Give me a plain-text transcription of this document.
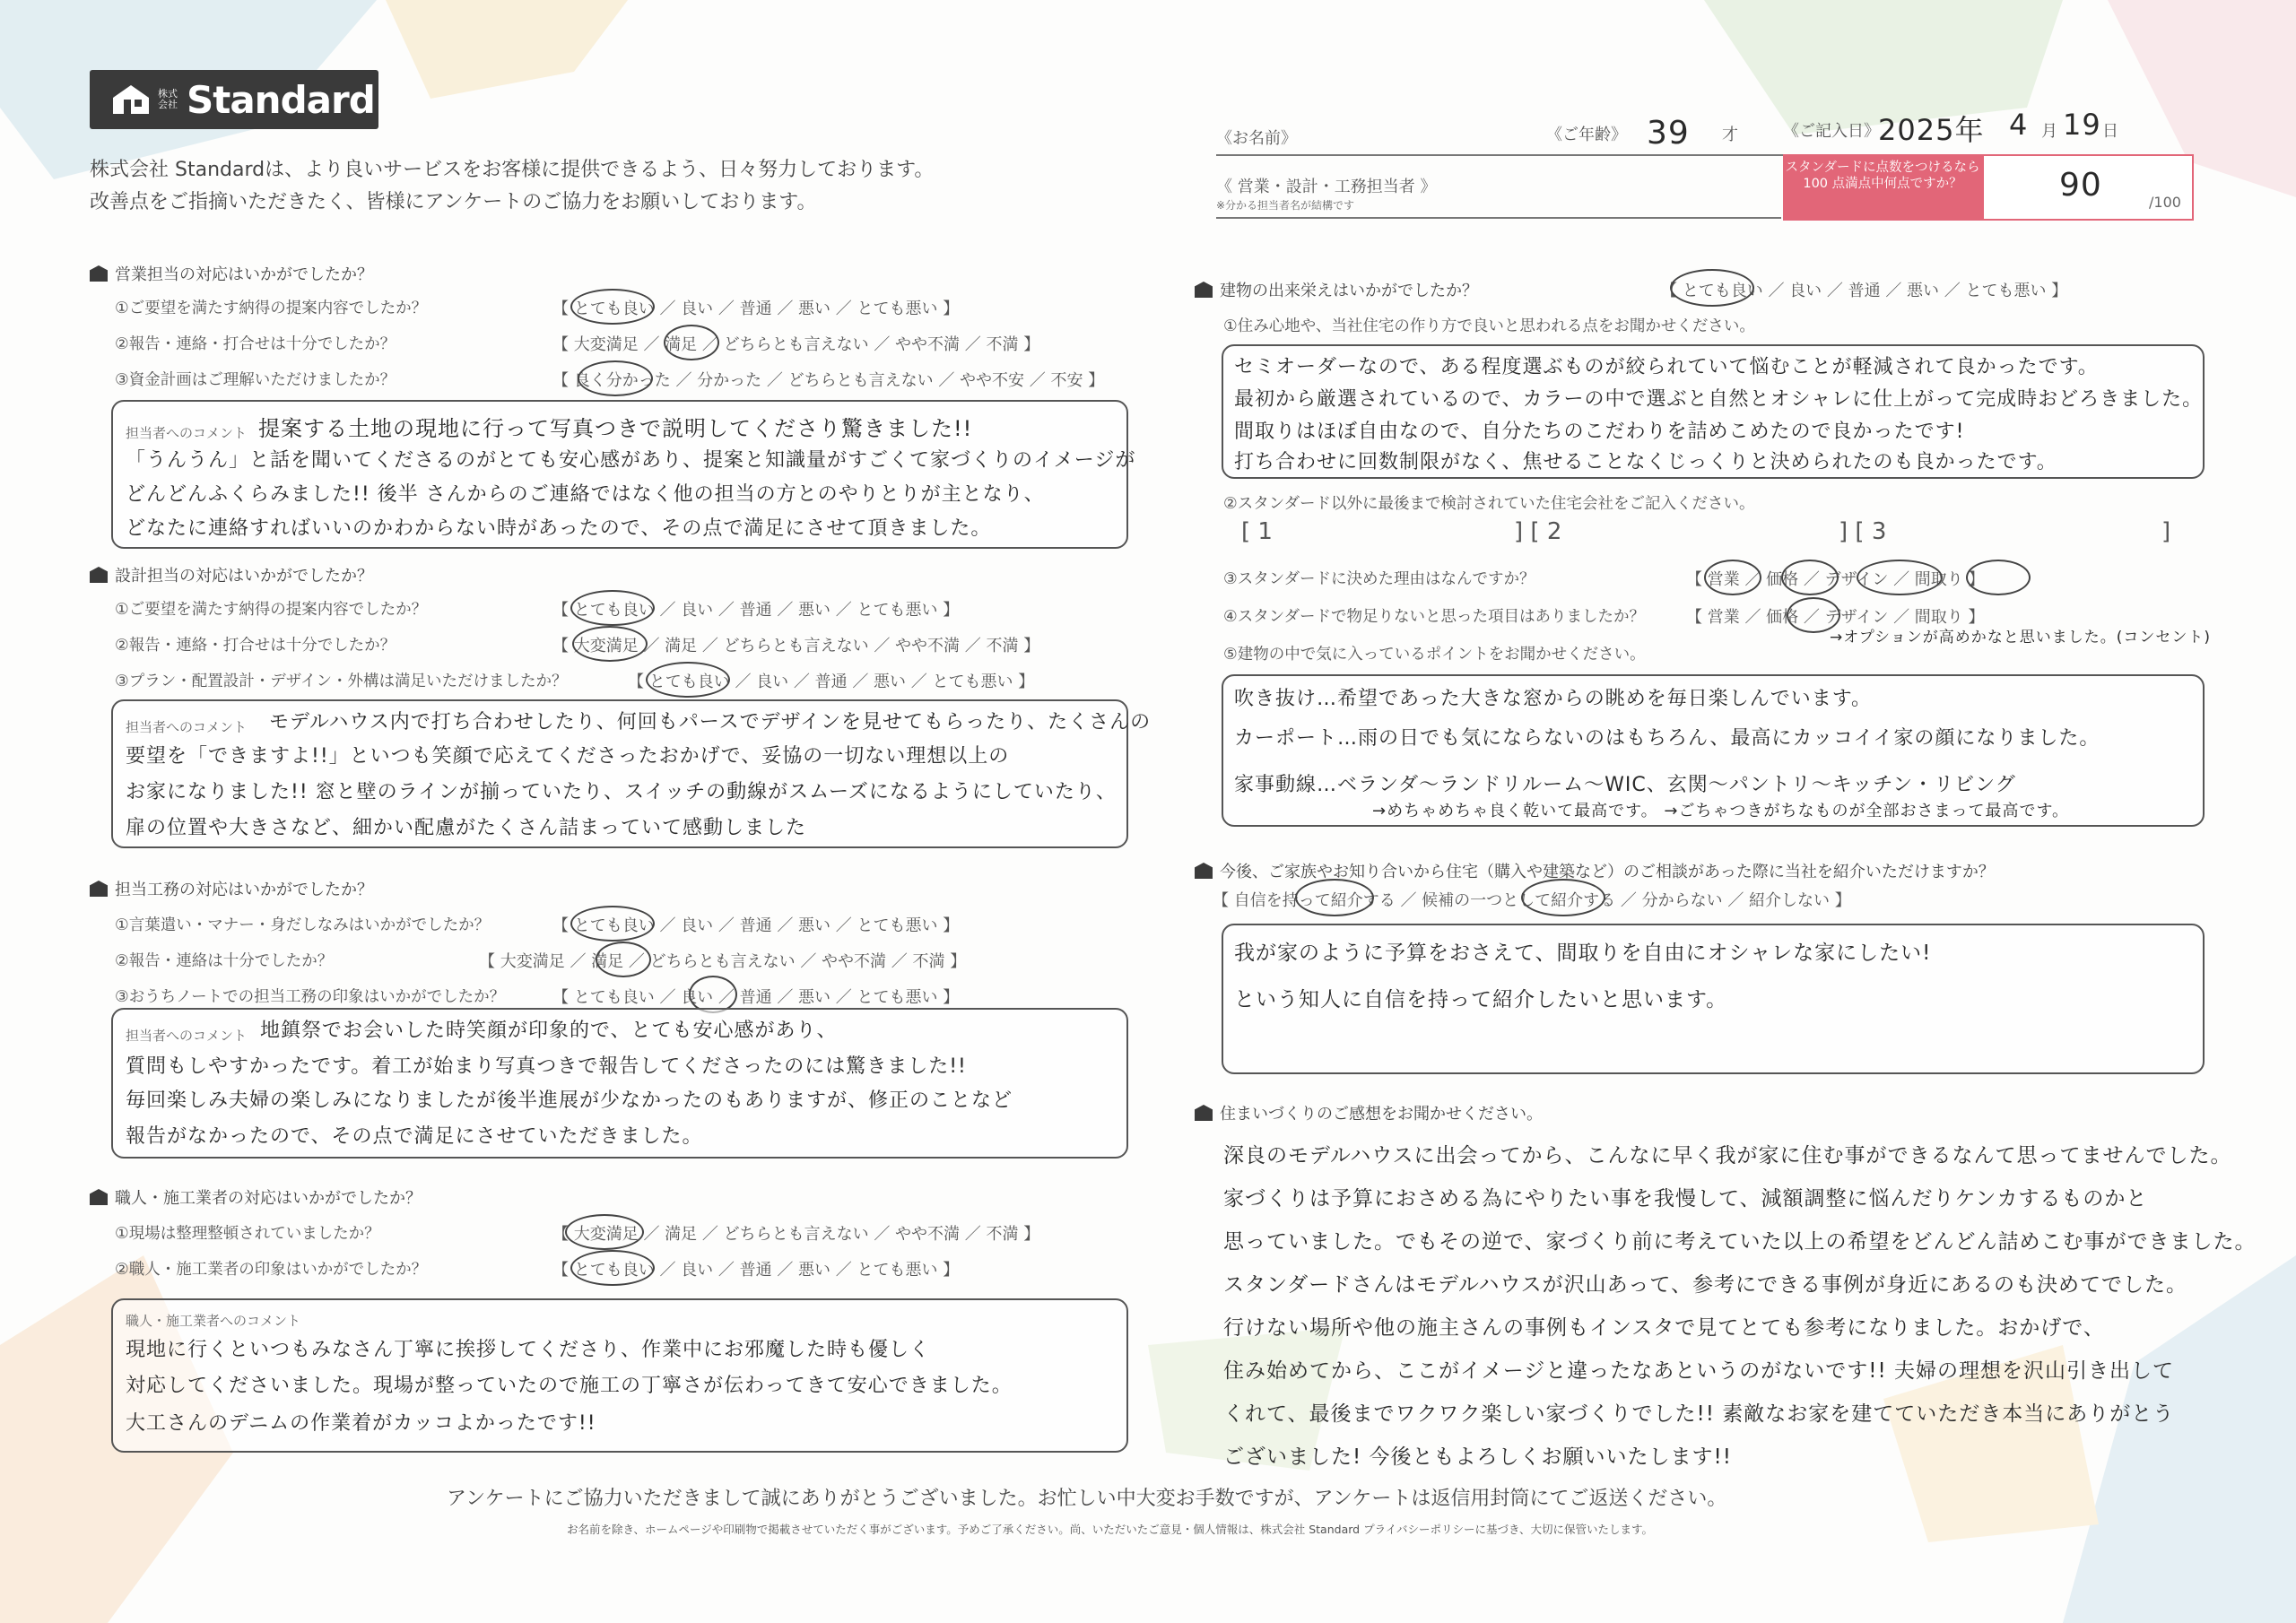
株式会社 Standard
株式会社 Standardは、より良いサービスをお客様に提供できるよう、日々努力しております。
改善点をご指摘いただきたく、皆様にアンケートのご協力をお願いしております。
《お名前》	《ご年齢》 39 才	《ご記入日》
2025年 4 月 19 日
《 営業・設計・工務担当者 》
※分かる担当者名が結構です
スタンダードに点数をつけるなら 100 点満点中何点ですか？	90	/100
営業担当の対応はいかがでしたか？
①ご要望を満たす納得の提案内容でしたか？	【 とても良い ／ 良い ／ 普通 ／ 悪い ／ とても悪い 】
②報告・連絡・打合せは十分でしたか？	【 大変満足 ／ 満足 ／ どちらとも言えない ／ やや不満 ／ 不満 】
③資金計画はご理解いただけましたか？	【 良く分かった ／ 分かった ／ どちらとも言えない ／ やや不安 ／ 不安 】
担当者へのコメント 提案する土地の現地に行って写真つきで説明してくださり驚きました!!
「うんうん」と話を聞いてくださるのがとても安心感があり、提案と知識量がすごくて家づくりのイメージが
どんどんふくらみました!! 後半 さんからのご連絡ではなく他の担当の方とのやりとりが主となり、
どなたに連絡すればいいのかわからない時があったので、その点で満足にさせて頂きました。
設計担当の対応はいかがでしたか？
①ご要望を満たす納得の提案内容でしたか？	【 とても良い ／ 良い ／ 普通 ／ 悪い ／ とても悪い 】
②報告・連絡・打合せは十分でしたか？	【 大変満足 ／ 満足 ／ どちらとも言えない ／ やや不満 ／ 不満 】
③プラン・配置設計・デザイン・外構は満足いただけましたか？	【 とても良い ／ 良い ／ 普通 ／ 悪い ／ とても悪い 】
担当者へのコメント モデルハウス内で打ち合わせしたり、何回もパースでデザインを見せてもらったり、たくさんの
要望を「できますよ!!」といつも笑顔で応えてくださったおかげで、妥協の一切ない理想以上の
お家になりました!! 窓と壁のラインが揃っていたり、スイッチの動線がスムーズになるようにしていたり、
扉の位置や大きさなど、細かい配慮がたくさん詰まっていて感動しました
担当工務の対応はいかがでしたか？
①言葉遣い・マナー・身だしなみはいかがでしたか？	【 とても良い ／ 良い ／ 普通 ／ 悪い ／ とても悪い 】
②報告・連絡は十分でしたか？	【 大変満足 ／ 満足 ／ どちらとも言えない ／ やや不満 ／ 不満 】
③おうちノートでの担当工務の印象はいかがでしたか？	【 とても良い ／ 良い ／ 普通 ／ 悪い ／ とても悪い 】
担当者へのコメント 地鎮祭でお会いした時笑顔が印象的で、とても安心感があり、
質問もしやすかったです。着工が始まり写真つきで報告してくださったのには驚きました!!
毎回楽しみ夫婦の楽しみになりましたが後半進展が少なかったのもありますが、修正のことなど
報告がなかったので、その点で満足にさせていただきました。
職人・施工業者の対応はいかがでしたか？
①現場は整理整頓されていましたか？	【 大変満足 ／ 満足 ／ どちらとも言えない ／ やや不満 ／ 不満 】
②職人・施工業者の印象はいかがでしたか？	【 とても良い ／ 良い ／ 普通 ／ 悪い ／ とても悪い 】
職人・施工業者へのコメント
現地に行くといつもみなさん丁寧に挨拶してくださり、作業中にお邪魔した時も優しく
対応してくださいました。現場が整っていたので施工の丁寧さが伝わってきて安心できました。
大工さんのデニムの作業着がカッコよかったです!!
建物の出来栄えはいかがでしたか？	【 とても良い ／ 良い ／ 普通 ／ 悪い ／ とても悪い 】
①住み心地や、当社住宅の作り方で良いと思われる点をお聞かせください。
セミオーダーなので、ある程度選ぶものが絞られていて悩むことが軽減されて良かったです。
最初から厳選されているので、カラーの中で選ぶと自然とオシャレに仕上がって完成時おどろきました。
間取りはほぼ自由なので、自分たちのこだわりを詰めこめたので良かったです!
打ち合わせに回数制限がなく、焦せることなくじっくりと決められたのも良かったです。
②スタンダード以外に最後まで検討されていた住宅会社をご記入ください。
[ 1	] [ 2	] [ 3	]
③スタンダードに決めた理由はなんですか？	【 営業 ／ 価格 ／ デザイン ／ 間取り 】
④スタンダードで物足りないと思った項目はありましたか？	【 営業 ／ 価格 ／ デザイン ／ 間取り 】
→オプションが高めかなと思いました。(コンセント)
⑤建物の中で気に入っているポイントをお聞かせください。
吹き抜け…希望であった大きな窓からの眺めを毎日楽しんでいます。
カーポート…雨の日でも気にならないのはもちろん、最高にカッコイイ家の顔になりました。
家事動線…ベランダ～ランドリルーム～WIC、玄関～パントリ～キッチン・リビング
→めちゃめちゃ良く乾いて最高です。 →ごちゃつきがちなものが全部おさまって最高です。
今後、ご家族やお知り合いから住宅（購入や建築など）のご相談があった際に当社を紹介いただけますか？
【 自信を持って紹介する ／ 候補の一つとして紹介する ／ 分からない ／ 紹介しない 】
我が家のように予算をおさえて、間取りを自由にオシャレな家にしたい!
という知人に自信を持って紹介したいと思います。
住まいづくりのご感想をお聞かせください。
深良のモデルハウスに出会ってから、こんなに早く我が家に住む事ができるなんて思ってませんでした。
家づくりは予算におさめる為にやりたい事を我慢して、減額調整に悩んだりケンカするものかと
思っていました。でもその逆で、家づくり前に考えていた以上の希望をどんどん詰めこむ事ができました。
スタンダードさんはモデルハウスが沢山あって、参考にできる事例が身近にあるのも決めてでした。
行けない場所や他の施主さんの事例もインスタで見てとても参考になりました。おかげで、
住み始めてから、ここがイメージと違ったなあというのがないです!! 夫婦の理想を沢山引き出して
くれて、最後までワクワク楽しい家づくりでした!! 素敵なお家を建てていただき本当にありがとう
ございました! 今後ともよろしくお願いいたします!!
アンケートにご協力いただきまして誠にありがとうございました。お忙しい中大変お手数ですが、アンケートは返信用封筒にてご返送ください。
お名前を除き、ホームページや印刷物で掲載させていただく事がございます。予めご了承ください。尚、いただいたご意見・個人情報は、株式会社 Standard プライバシーポリシーに基づき、大切に保管いたします。
